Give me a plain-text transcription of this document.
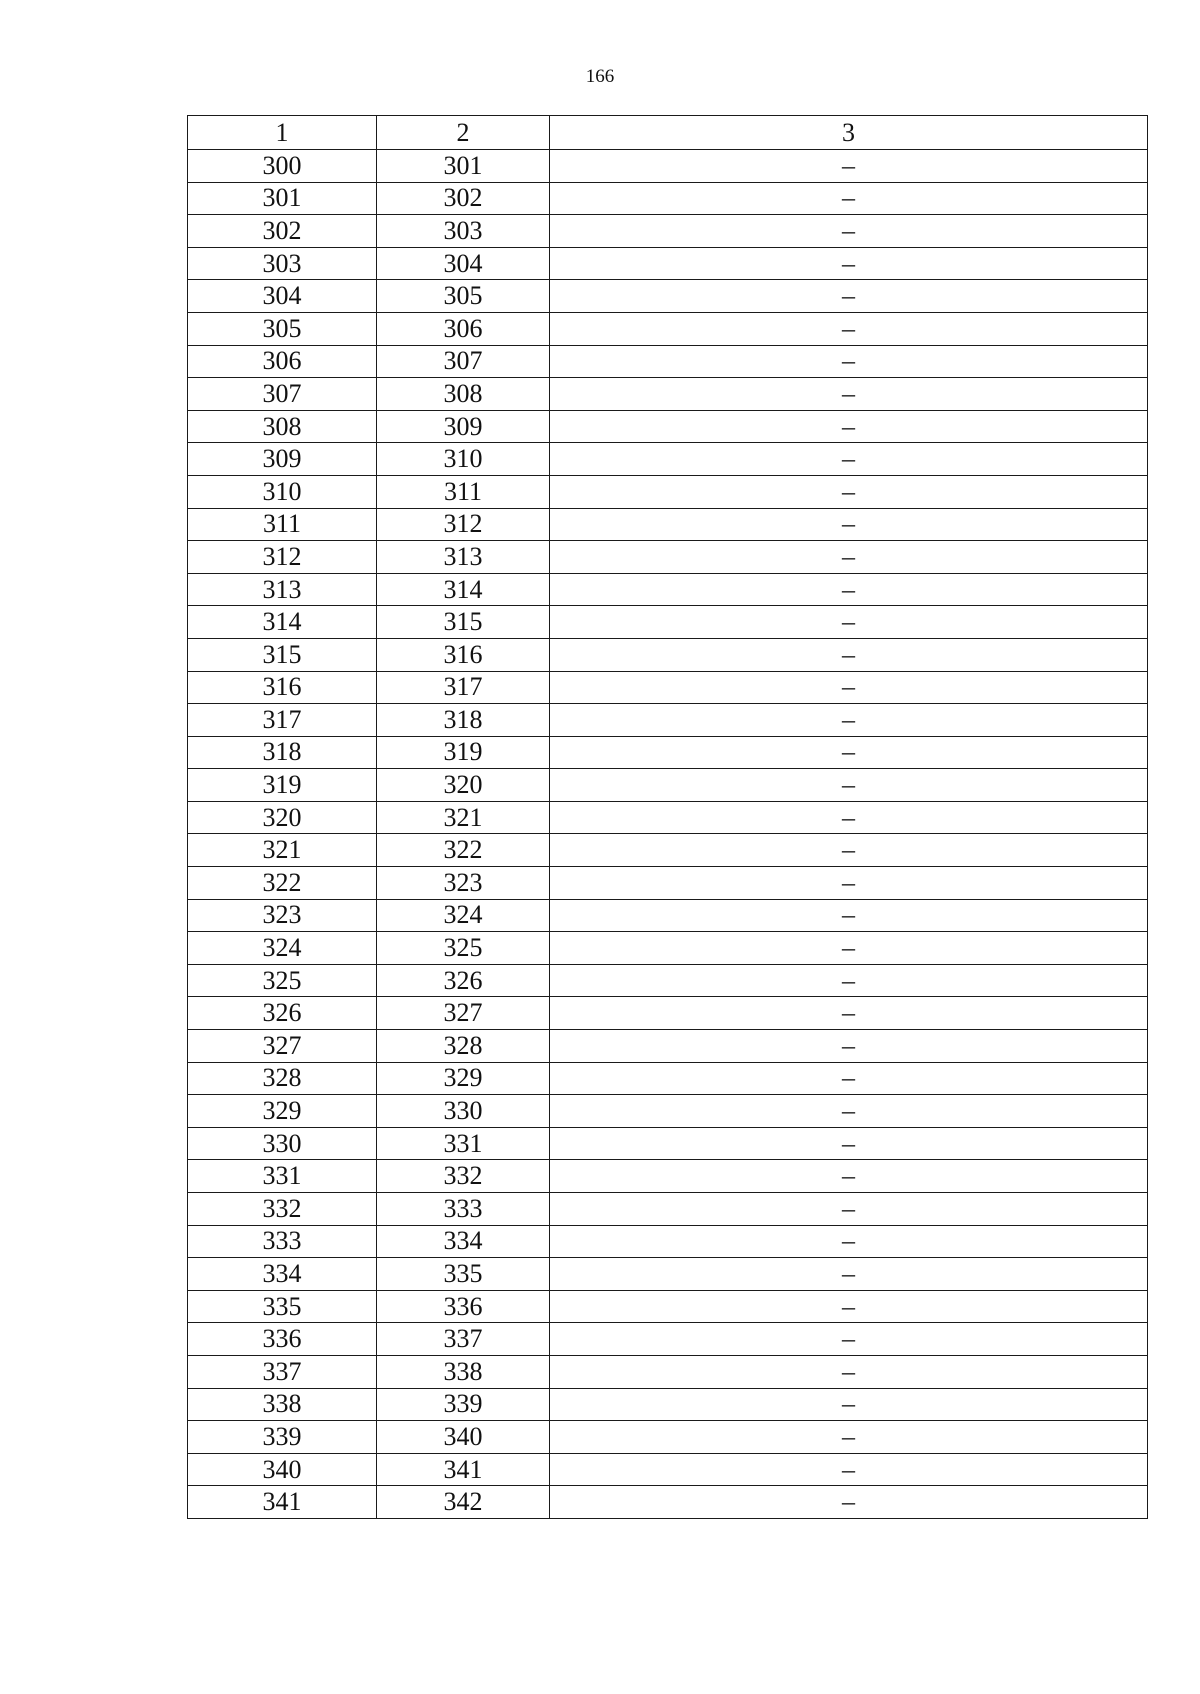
166
1	2	3
300	301	–
301	302	–
302	303	–
303	304	–
304	305	–
305	306	–
306	307	–
307	308	–
308	309	–
309	310	–
310	311	–
311	312	–
312	313	–
313	314	–
314	315	–
315	316	–
316	317	–
317	318	–
318	319	–
319	320	–
320	321	–
321	322	–
322	323	–
323	324	–
324	325	–
325	326	–
326	327	–
327	328	–
328	329	–
329	330	–
330	331	–
331	332	–
332	333	–
333	334	–
334	335	–
335	336	–
336	337	–
337	338	–
338	339	–
339	340	–
340	341	–
341	342	–
